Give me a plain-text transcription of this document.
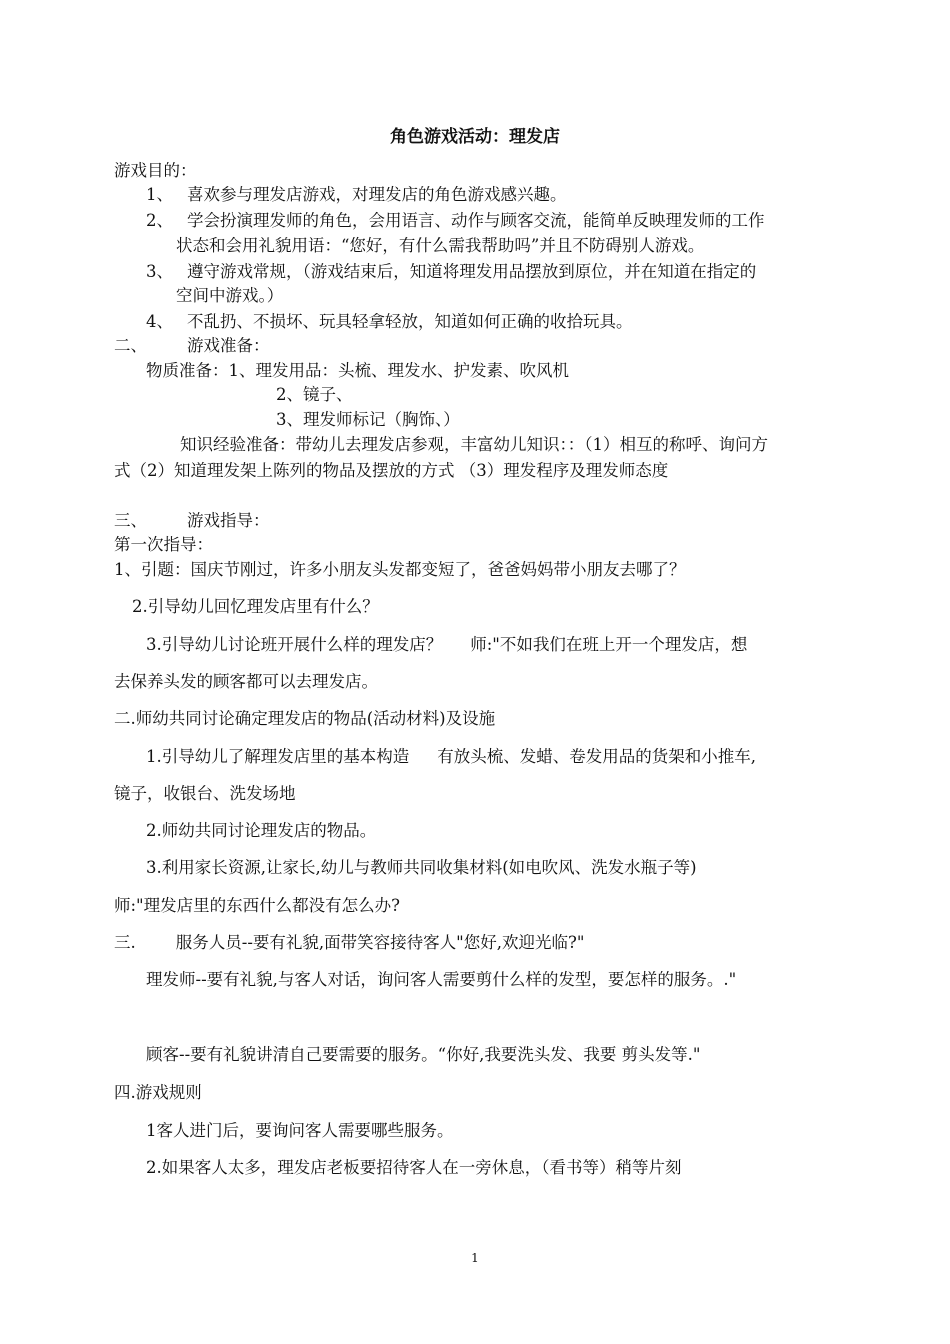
角色游戏活动：理发店
游戏目的：
1、 喜欢参与理发店游戏，对理发店的角色游戏感兴趣。
2、 学会扮演理发师的角色，会用语言、动作与顾客交流，能简单反映理发师的工作
状态和会用礼貌用语：“您好，有什么需我帮助吗”并且不防碍别人游戏。
3、 遵守游戏常规，（游戏结束后，知道将理发用品摆放到原位，并在知道在指定的
空间中游戏。）
4、 不乱扔、不损坏、玩具轻拿轻放，知道如何正确的收拾玩具。
二、 游戏准备：
物质准备：1、理发用品：头梳、理发水、护发素、吹风机
2、镜子、
3、理发师标记（胸饰、）
知识经验准备：带幼儿去理发店参观，丰富幼儿知识：：（1）相互的称呼、询问方
式（2）知道理发架上陈列的物品及摆放的方式 （3）理发程序及理发师态度
三、 游戏指导：
第一次指导：
1、引题：国庆节刚过，许多小朋友头发都变短了，爸爸妈妈带小朋友去哪了？
2.引导幼儿回忆理发店里有什么？
3.引导幼儿讨论班开展什么样的理发店？ 师:"不如我们在班上开一个理发店，想
去保养头发的顾客都可以去理发店。
二.师幼共同讨论确定理发店的物品(活动材料)及设施
1.引导幼儿了解理发店里的基本构造 有放头梳、发蜡、卷发用品的货架和小推车,
镜子，收银台、洗发场地
2.师幼共同讨论理发店的物品。
3.利用家长资源,让家长,幼儿与教师共同收集材料(如电吹风、洗发水瓶子等)
师:"理发店里的东西什么都没有怎么办?
三. 服务人员--要有礼貌,面带笑容接待客人"您好,欢迎光临?"
理发师--要有礼貌,与客人对话，询问客人需要剪什么样的发型，要怎样的服务。."
顾客--要有礼貌讲清自己要需要的服务。“你好,我要洗头发、我要 剪头发等."
四.游戏规则
1客人进门后，要询问客人需要哪些服务。
2.如果客人太多，理发店老板要招待客人在一旁休息，（看书等）稍等片刻
1
